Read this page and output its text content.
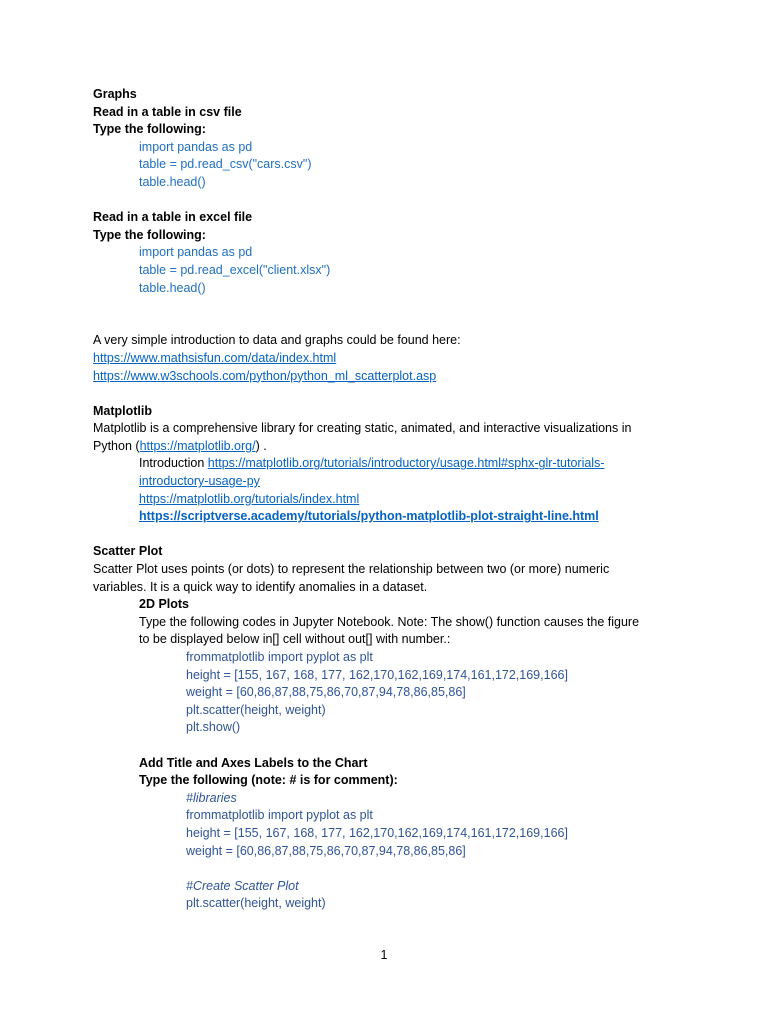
Graphs
Read in a table in csv file
Type the following:
import pandas as pd
table = pd.read_csv("cars.csv")
table.head()
Read in a table in excel file
Type the following:
import pandas as pd
table = pd.read_excel("client.xlsx")
table.head()
A very simple introduction to data and graphs could be found here:
https://www.mathsisfun.com/data/index.html
https://www.w3schools.com/python/python_ml_scatterplot.asp
Matplotlib
Matplotlib is a comprehensive library for creating static, animated, and interactive visualizations in
Python (https://matplotlib.org/) .
Introduction https://matplotlib.org/tutorials/introductory/usage.html#sphx-glr-tutorials-
introductory-usage-py
https://matplotlib.org/tutorials/index.html
https://scriptverse.academy/tutorials/python-matplotlib-plot-straight-line.html
Scatter Plot
Scatter Plot uses points (or dots) to represent the relationship between two (or more) numeric
variables. It is a quick way to identify anomalies in a dataset.
2D Plots
Type the following codes in Jupyter Notebook. Note: The show() function causes the figure
to be displayed below in[] cell without out[] with number.:
frommatplotlib import pyplot as plt
height = [155, 167, 168, 177, 162,170,162,169,174,161,172,169,166]
weight = [60,86,87,88,75,86,70,87,94,78,86,85,86]
plt.scatter(height, weight)
plt.show()
Add Title and Axes Labels to the Chart
Type the following (note: # is for comment):
#libraries
frommatplotlib import pyplot as plt
height = [155, 167, 168, 177, 162,170,162,169,174,161,172,169,166]
weight = [60,86,87,88,75,86,70,87,94,78,86,85,86]
#Create Scatter Plot
plt.scatter(height, weight)
1
